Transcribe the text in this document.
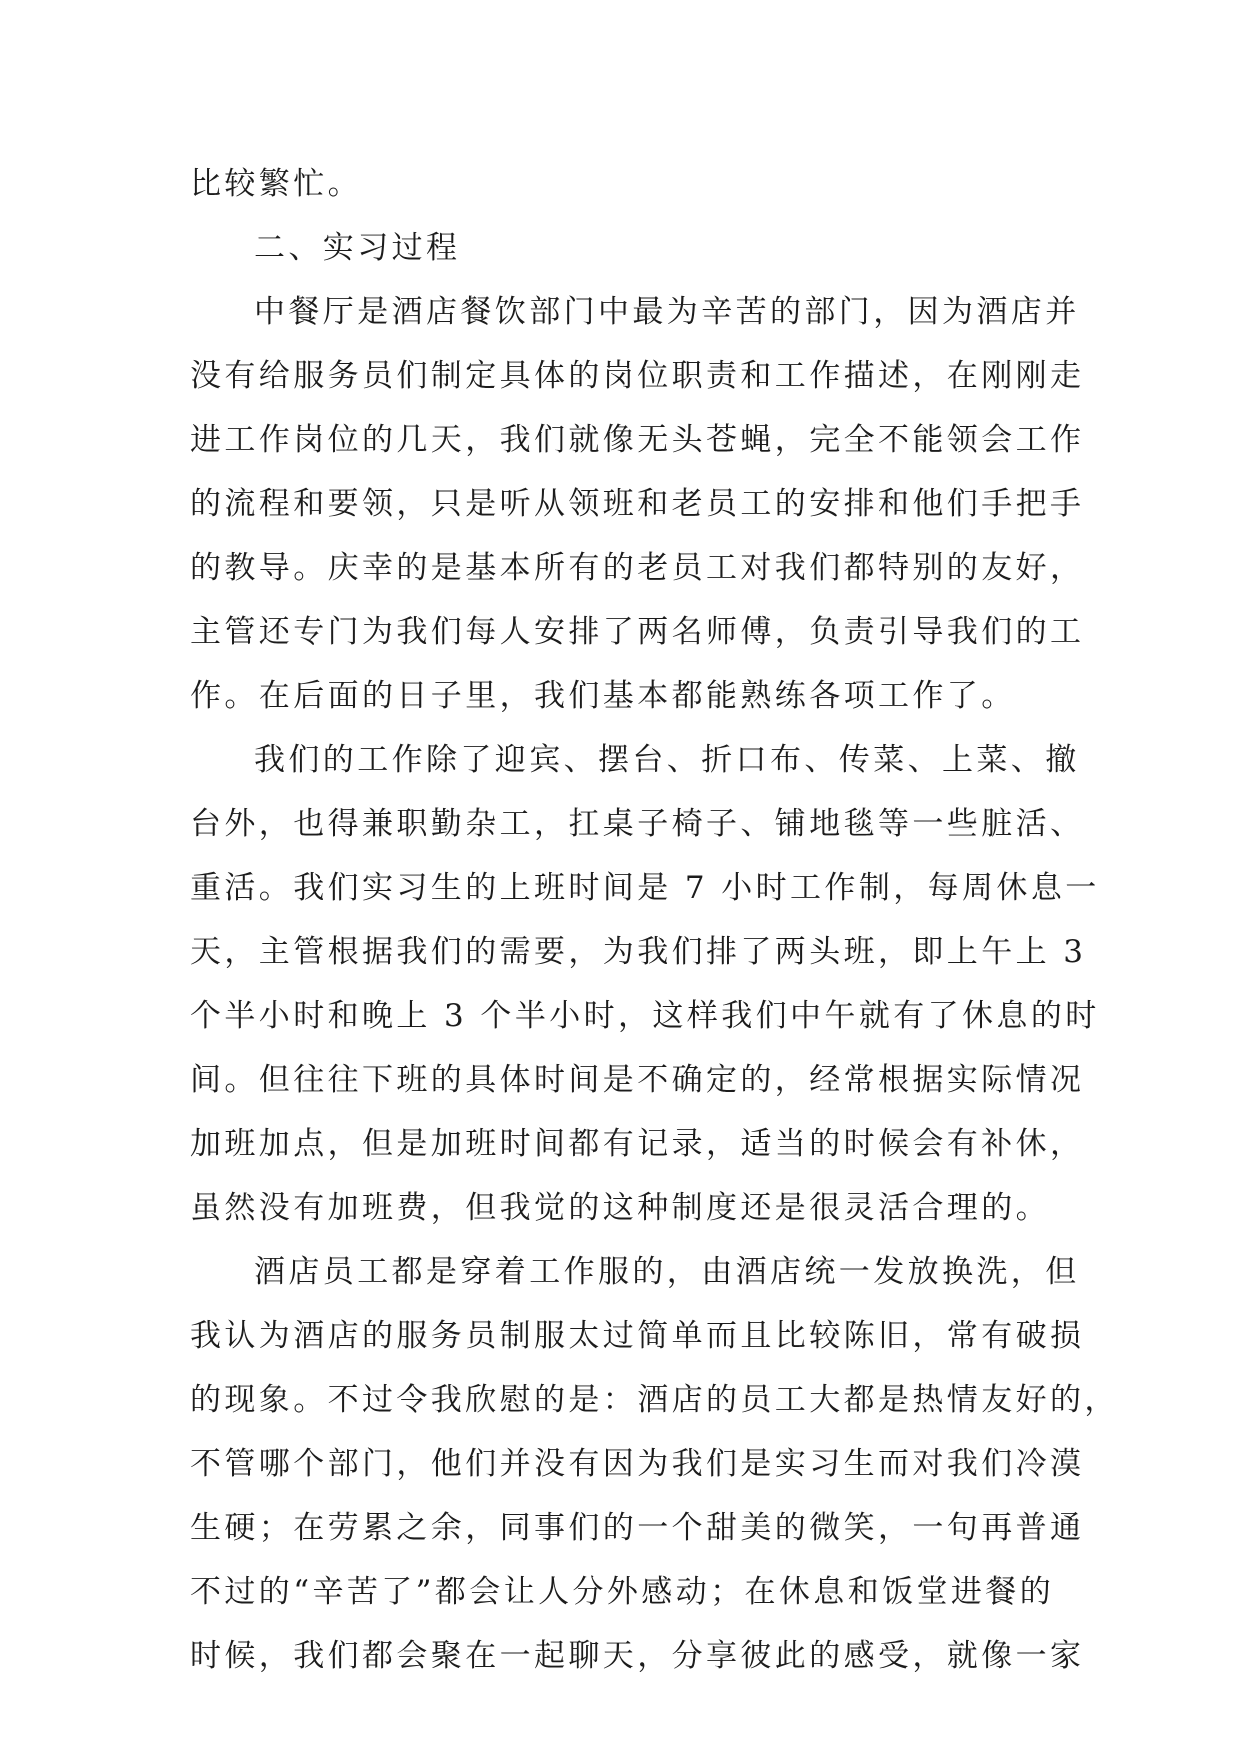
比较繁忙。
二、实习过程
中餐厅是酒店餐饮部门中最为辛苦的部门，因为酒店并
没有给服务员们制定具体的岗位职责和工作描述，在刚刚走
进工作岗位的几天，我们就像无头苍蝇，完全不能领会工作
的流程和要领，只是听从领班和老员工的安排和他们手把手
的教导。庆幸的是基本所有的老员工对我们都特别的友好，
主管还专门为我们每人安排了两名师傅，负责引导我们的工
作。在后面的日子里，我们基本都能熟练各项工作了。
我们的工作除了迎宾、摆台、折口布、传菜、上菜、撤
台外，也得兼职勤杂工，扛桌子椅子、铺地毯等一些脏活、
重活。我们实习生的上班时间是 7 小时工作制，每周休息一
天，主管根据我们的需要，为我们排了两头班，即上午上 3
个半小时和晚上 3 个半小时，这样我们中午就有了休息的时
间。但往往下班的具体时间是不确定的，经常根据实际情况
加班加点，但是加班时间都有记录，适当的时候会有补休，
虽然没有加班费，但我觉的这种制度还是很灵活合理的。
酒店员工都是穿着工作服的，由酒店统一发放换洗，但
我认为酒店的服务员制服太过简单而且比较陈旧，常有破损
的现象。不过令我欣慰的是：酒店的员工大都是热情友好的，
不管哪个部门，他们并没有因为我们是实习生而对我们冷漠
生硬；在劳累之余，同事们的一个甜美的微笑，一句再普通
不过的“辛苦了”都会让人分外感动；在休息和饭堂进餐的
时候，我们都会聚在一起聊天，分享彼此的感受，就像一家
